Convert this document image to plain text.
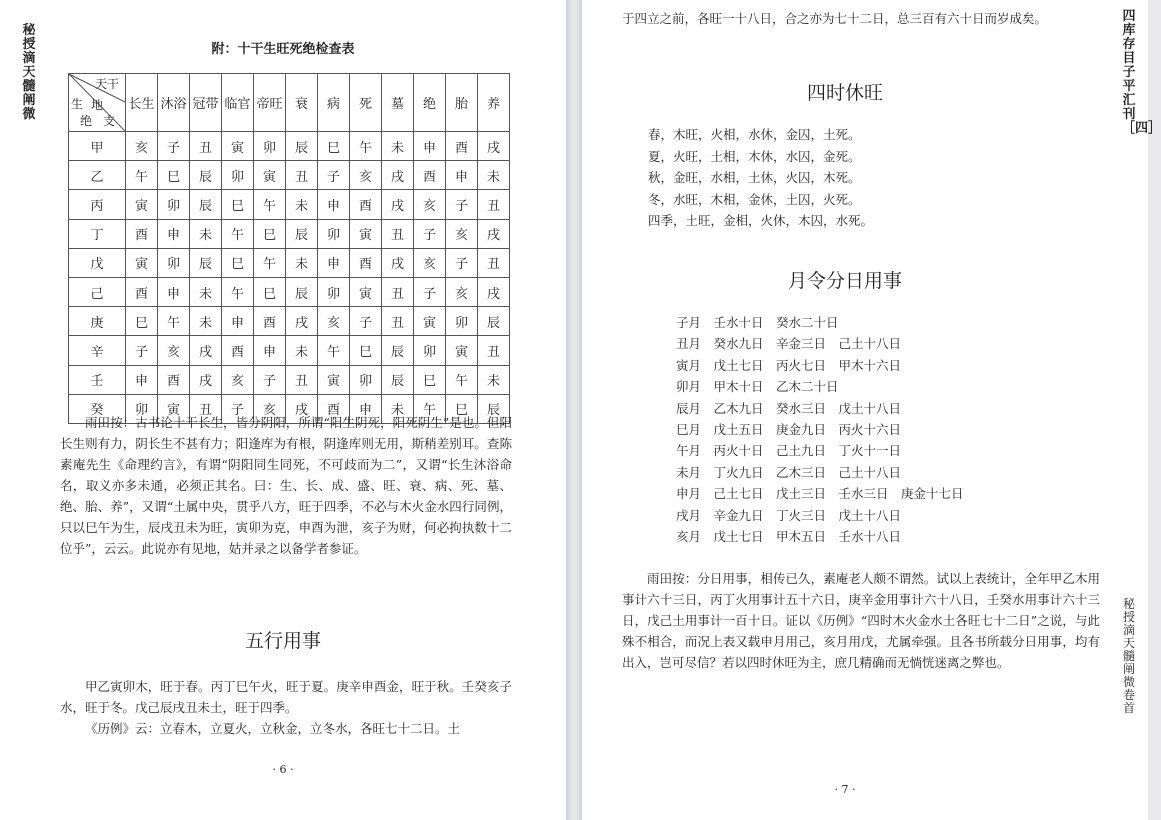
秘授滴天髓阐微
附：十干生旺死绝检查表
天干
地
生
绝 支	长生	沐浴	冠带	临官	帝旺	衰	病	死	墓	绝	胎	养
甲	亥	子	丑	寅	卯	辰	巳	午	未	申	酉	戌
乙	午	巳	辰	卯	寅	丑	子	亥	戌	酉	申	未
丙	寅	卯	辰	巳	午	未	申	酉	戌	亥	子	丑
丁	酉	申	未	午	巳	辰	卯	寅	丑	子	亥	戌
戊	寅	卯	辰	巳	午	未	申	酉	戌	亥	子	丑
己	酉	申	未	午	巳	辰	卯	寅	丑	子	亥	戌
庚	巳	午	未	申	酉	戌	亥	子	丑	寅	卯	辰
辛	子	亥	戌	酉	申	未	午	巳	辰	卯	寅	丑
壬	申	酉	戌	亥	子	丑	寅	卯	辰	巳	午	未
癸	卯	寅	丑	子	亥	戌	酉	申	未	午	巳	辰
雨田按：古书论十干长生，皆分阴阳，所谓“阳生阴死，阳死阴生”是也。但阳长生则有力，阴长生不甚有力；阳逢库为有根，阴逢库则无用，斯稍差别耳。查陈素庵先生《命理约言》，有谓“阴阳同生同死，不可歧而为二”，又谓“长生沐浴命名，取义亦多未通，必须正其名。曰：生、长、成、盛、旺、衰、病、死、墓、绝、胎、养”，又谓“土属中央，贯乎八方，旺于四季，不必与木火金水四行同例，只以巳午为生，辰戌丑未为旺，寅卯为克，申酉为泄，亥子为财，何必拘执数十二位乎”，云云。此说亦有见地，姑并录之以备学者参证。
五行用事

甲乙寅卯木，旺于春。丙丁巳午火，旺于夏。庚辛申酉金，旺于秋。壬癸亥子水，旺于冬。戊己辰戌丑未土，旺于四季。

《历例》云：立春木，立夏火，立秋金，立冬水，各旺七十二日。土

· 6 ·
于四立之前，各旺一十八日，合之亦为七十二日，总三百有六十日而岁成矣。
四时休旺
春，木旺，火相，水休，金囚，土死。
夏，火旺，土相，木休，水囚，金死。
秋，金旺，水相，土休，火囚，木死。
冬，水旺，木相，金休，土囚，火死。
四季，土旺，金相，火休，木囚，水死。
月令分日用事
子月　壬水十日　癸水二十日
丑月　癸水九日　辛金三日　己土十八日
寅月　戊土七日　丙火七日　甲木十六日
卯月　甲木十日　乙木二十日
辰月　乙木九日　癸水三日　戊土十八日
巳月　戊土五日　庚金九日　丙火十六日
午月　丙火十日　己土九日　丁火十一日
未月　丁火九日　乙木三日　己土十八日
申月　己土七日　戊土三日　壬水三日　庚金十七日
戌月　辛金九日　丁火三日　戊土十八日
亥月　戊土七日　甲木五日　壬水十八日
雨田按：分日用事，相传已久，素庵老人颇不谓然。试以上表统计，全年甲乙木用事计六十三日，丙丁火用事计五十六日，庚辛金用事计六十八日，壬癸水用事计六十三日，戊己土用事计一百十日。证以《历例》“四时木火金水土各旺七十二日”之说，与此殊不相合，而况上表又载申月用己，亥月用戊，尤属牵强。且各书所载分日用事，均有出入，岂可尽信？若以四时休旺为主，庶几精确而无惝恍迷离之弊也。
· 7 ·
四库存目子平汇刊［四］
秘授滴天髓阐微卷首
